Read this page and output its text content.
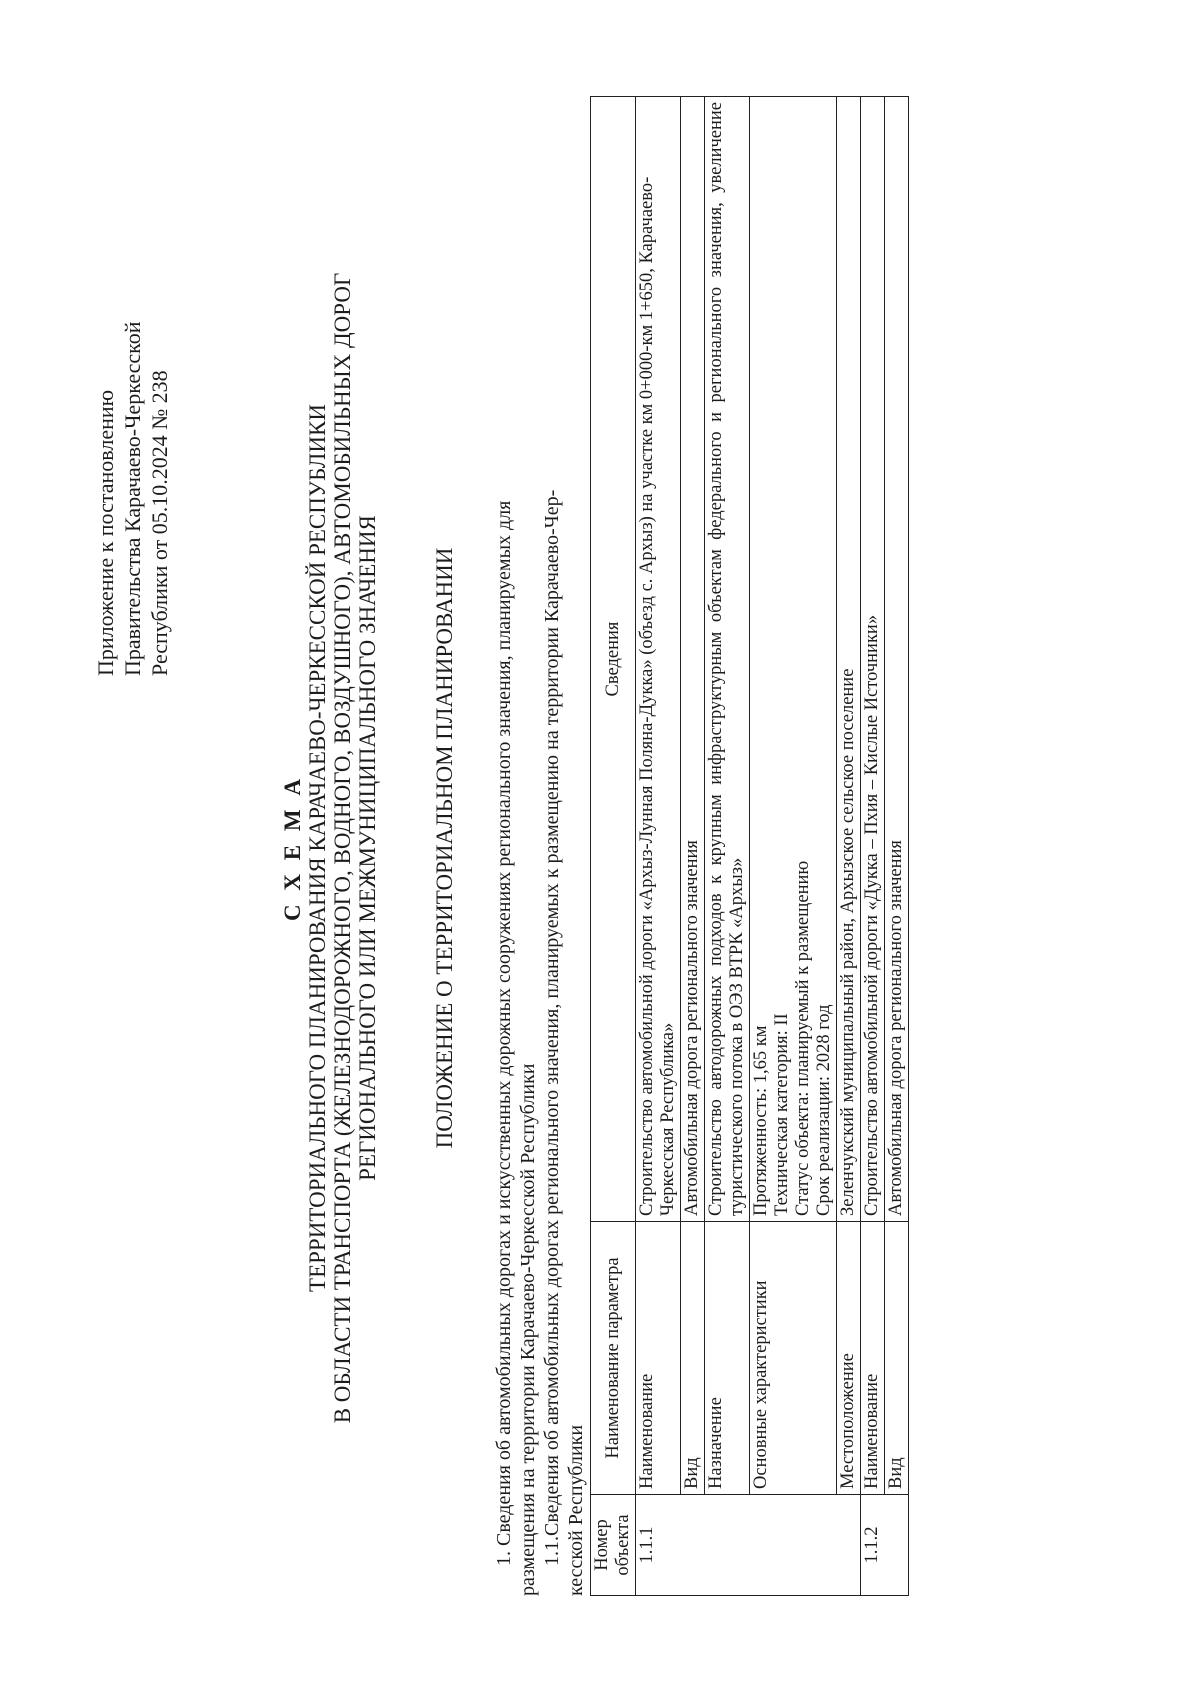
Приложение к постановлению Правительства Карачаево-Черкесской Республики от 05.10.2024 № 238
С Х Е М А ТЕРРИТОРИАЛЬНОГО ПЛАНИРОВАНИЯ КАРАЧАЕВО-ЧЕРКЕССКОЙ РЕСПУБЛИКИ В ОБЛАСТИ ТРАНСПОРТА (ЖЕЛЕЗНОДОРОЖНОГО, ВОДНОГО, ВОЗДУШНОГО), АВТОМОБИЛЬНЫХ ДОРОГ РЕГИОНАЛЬНОГО ИЛИ МЕЖМУНИЦИПАЛЬНОГО ЗНАЧЕНИЯ ПОЛОЖЕНИЕ О ТЕРРИТОРИАЛЬНОМ ПЛАНИРОВАНИИ 1. Сведения об автомобильных дорогах и искусственных дорожных сооружениях регионального значения, планируемых для размещения на территории Карачаево-Черкесской Республики 1.1.Сведения об автомобильных дорогах регионального значения, планируемых к размещению на территории Карачаево-Чер- кесской Республики Номер объекта	Наименование параметра	Сведения
1.1.1	Наименование	Строительство автомобильной дороги «Архыз-Лунная Поляна-Дукка» (объезд с. Архыз) на участке км 0+000-км 1+650, Карачаево-Черкесская Республика»
	Вид	Автомобильная дорога регионального значения
	Назначение	Строительство автодорожных подходов к крупным инфраструктурным объектам федерального и регионального значения, увеличение туристического потока в ОЭЗ ВТРК «Архыз»
	Основные характеристики	Протяженность: 1,65 км Техническая категория: II Статус объекта: планируемый к размещению Срок реализации: 2028 год

	Местоположение	Зеленчукский муниципальный район, Архызское сельское поселение
1.1.2	Наименование	Строительство автомобильной дороги «Дукка – Пхия – Кислые Источники»
	Вид	Автомобильная дорога регионального значения
